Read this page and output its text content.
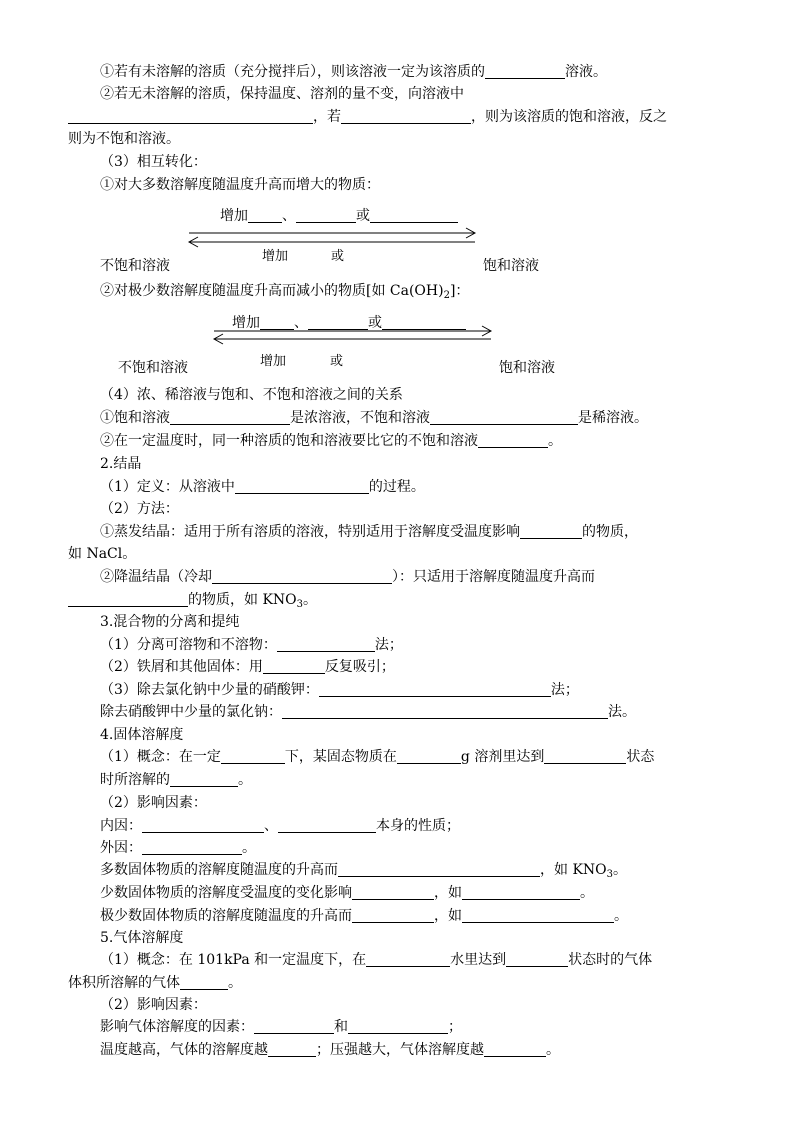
①若有未溶解的溶质（充分搅拌后），则该溶液一定为该溶质的	溶液。
②若无未溶解的溶质，保持温度、溶剂的量不变，向溶液中
，若	，则为该溶质的饱和溶液，反之
则为不饱和溶液。
（3）相互转化：
①对大多数溶解度随温度升高而增大的物质：
增加 、	或
增加	或
不饱和溶液	饱和溶液
②对极少数溶解度随温度升高而减小的物质[如 $Ca(OH)_2$]：
增加 、	或
增加	或
不饱和溶液	饱和溶液
（4）浓、稀溶液与饱和、不饱和溶液之间的关系
①饱和溶液	是浓溶液，不饱和溶液	是稀溶液。
②在一定温度时，同一种溶质的饱和溶液要比它的不饱和溶液	。
2.结晶
（1）定义：从溶液中	的过程。
（2）方法：
①蒸发结晶：适用于所有溶质的溶液，特别适用于溶解度受温度影响	的物质，
如 NaCl。
②降温结晶（冷却	）：只适用于溶解度随温度升高而
的物质，如 $KNO_3$。
3.混合物的分离和提纯
（1）分离可溶物和不溶物：	法；
（2）铁屑和其他固体：用	反复吸引；
（3）除去氯化钠中少量的硝酸钾：	法；
除去硝酸钾中少量的氯化钠：	法。
4.固体溶解度
（1）概念：在一定	下，某固态物质在	g 溶剂里达到	状态
时所溶解的	。
（2）影响因素：
内因：	、	本身的性质；
外因：	。
多数固体物质的溶解度随温度的升高而	，如 $KNO_3$。
少数固体物质的溶解度受温度的变化影响	，如	。
极少数固体物质的溶解度随温度的升高而	，如	。
5.气体溶解度
（1）概念：在 101kPa 和一定温度下，在	水里达到	状态时的气体
体积所溶解的气体	。
（2）影响因素：
影响气体溶解度的因素：	和	；
温度越高，气体的溶解度越	；压强越大，气体溶解度越	。
